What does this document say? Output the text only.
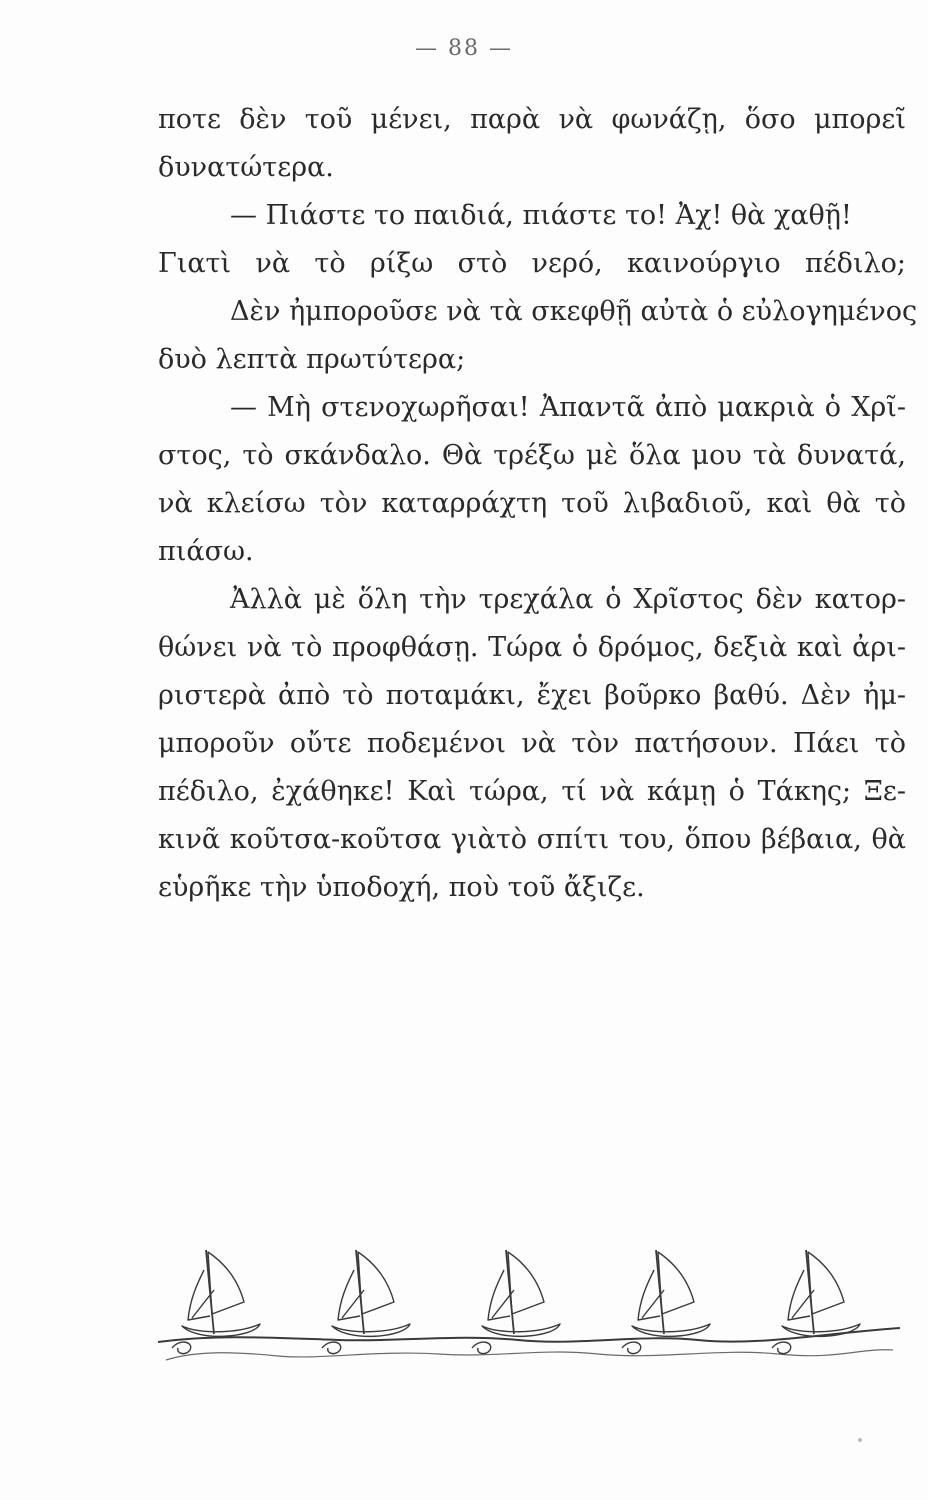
— 88 —
ποτε δὲν τοῦ μένει, παρὰ νὰ φωνάζῃ, ὅσο μπορεῖ
δυνατώτερα.
— Πιάστε το παιδιά, πιάστε το! Ἀχ! θὰ χαθῇ!
Γιατὶ νὰ τὸ ρίξω στὸ νερό, καινούργιο πέδιλο;
Δὲν ἠμποροῦσε νὰ τὰ σκεφθῇ αὐτὰ ὁ εὐλογημένος
δυὸ λεπτὰ πρωτύτερα;
— Μὴ στενοχωρῆσαι! Ἀπαντᾶ ἀπὸ μακριὰ ὁ Χρῖ-
στος, τὸ σκάνδαλο. Θὰ τρέξω μὲ ὅλα μου τὰ δυνατά,
νὰ κλείσω τὸν καταρράχτη τοῦ λιβαδιοῦ, καὶ θὰ τὸ
πιάσω.
Ἀλλὰ μὲ ὅλη τὴν τρεχάλα ὁ Χρῖστος δὲν κατορ-
θώνει νὰ τὸ προφθάσῃ. Τώρα ὁ δρόμος, δεξιὰ καὶ ἀρι-
ριστερὰ ἀπὸ τὸ ποταμάκι, ἔχει βοῦρκο βαθύ. Δὲν ἠμ-
μποροῦν οὔτε ποδεμένοι νὰ τὸν πατήσουν. Πάει τὸ
πέδιλο, ἐχάθηκε! Καὶ τώρα, τί νὰ κάμῃ ὁ Τάκης; Ξε-
κινᾶ κοῦτσα-κοῦτσα γιὰτὸ σπίτι του, ὅπου βέβαια, θὰ
εὑρῆκε τὴν ὑποδοχή, ποὺ τοῦ ἄξιζε.
